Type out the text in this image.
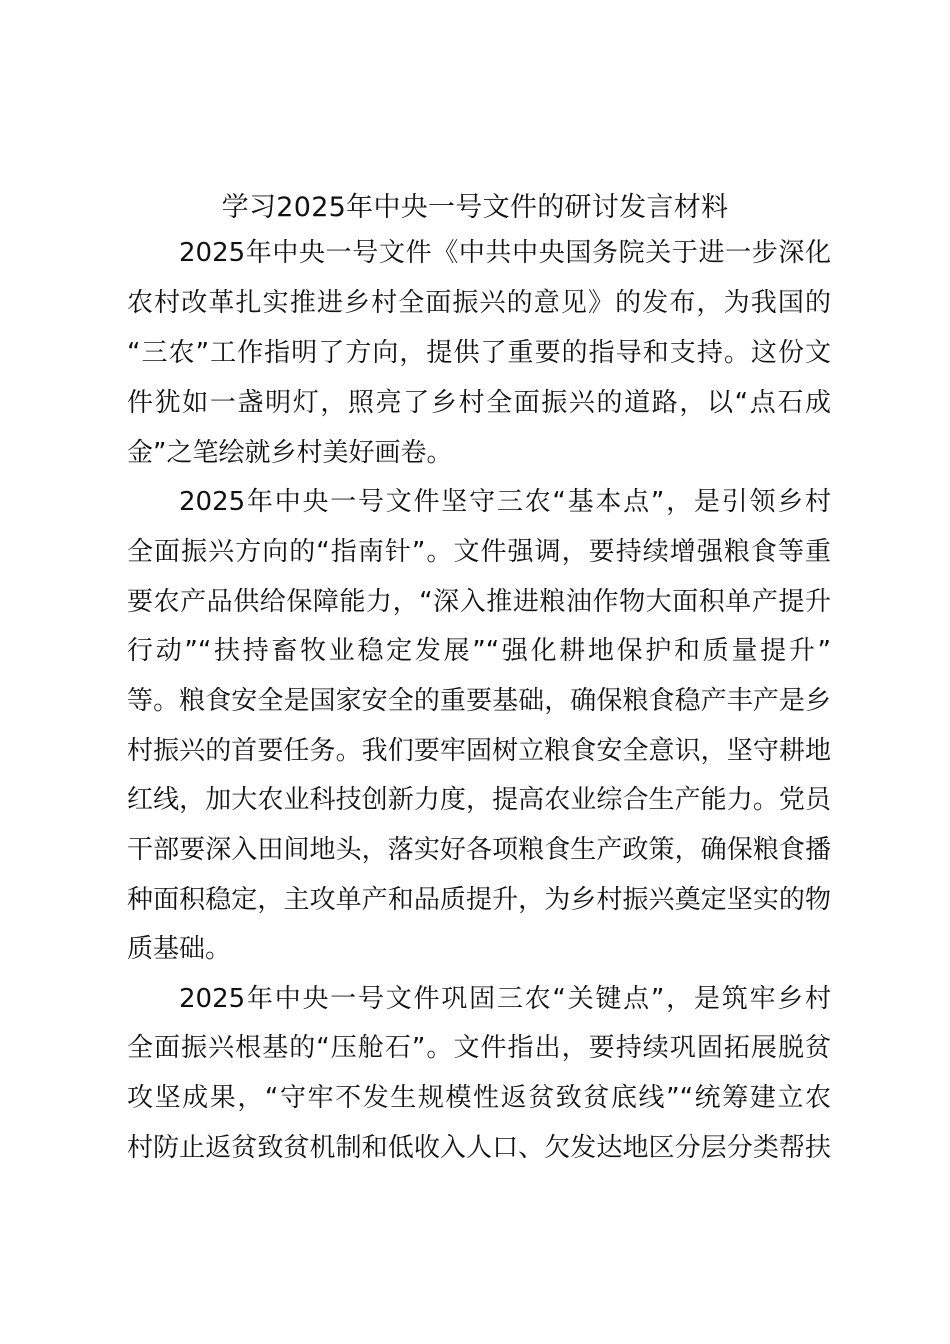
学习2025年中央一号文件的研讨发言材料

2025年中央一号文件《中共中央国务院关于进一步深化

农村改革扎实推进乡村全面振兴的意见》的发布，为我国的

“三农”工作指明了方向，提供了重要的指导和支持。这份文

件犹如一盏明灯，照亮了乡村全面振兴的道路，以“点石成

金”之笔绘就乡村美好画卷。

2025年中央一号文件坚守三农“基本点”，是引领乡村

全面振兴方向的“指南针”。文件强调，要持续增强粮食等重

要农产品供给保障能力，“深入推进粮油作物大面积单产提升

行动”“扶持畜牧业稳定发展”“强化耕地保护和质量提升”

等。粮食安全是国家安全的重要基础，确保粮食稳产丰产是乡

村振兴的首要任务。我们要牢固树立粮食安全意识，坚守耕地

红线，加大农业科技创新力度，提高农业综合生产能力。党员

干部要深入田间地头，落实好各项粮食生产政策，确保粮食播

种面积稳定，主攻单产和品质提升，为乡村振兴奠定坚实的物

质基础。

2025年中央一号文件巩固三农“关键点”，是筑牢乡村

全面振兴根基的“压舱石”。文件指出，要持续巩固拓展脱贫

攻坚成果，“守牢不发生规模性返贫致贫底线”“统筹建立农

村防止返贫致贫机制和低收入人口、欠发达地区分层分类帮扶
